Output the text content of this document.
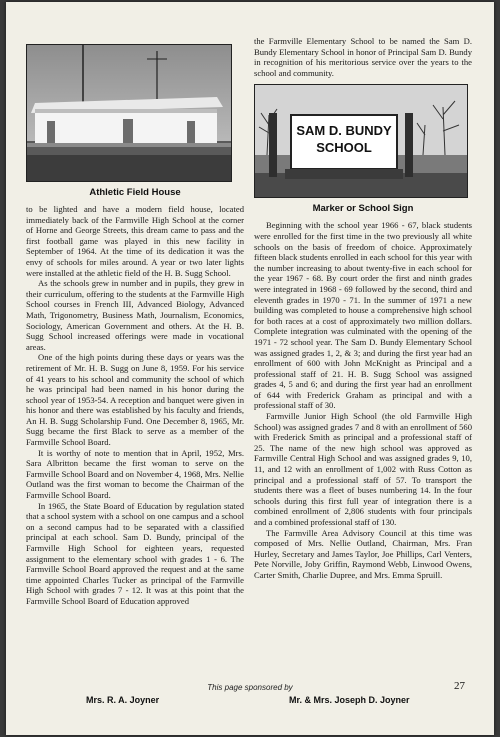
Athletic Field House

to be lighted and have a modern field house, located immediately back of the Farmville High School at the corner of Horne and George Streets, this dream came to pass and the first football game was played in this new facility in September of 1964. At the time of its dedication it was the envy of schools for miles around. A year or two later lights were installed at the athletic field of the H. B. Sugg School.

As the schools grew in number and in pupils, they grew in their curriculum, offering to the students at the Farmville High School courses in French III, Advanced Biology, Advanced Math, Trigonometry, Business Math, Journalism, Economics, Sociology, American Government and others. At the H. B. Sugg School increased offerings were made in vocational areas.

One of the high points during these days or years was the retirement of Mr. H. B. Sugg on June 8, 1959. For his service of 41 years to his school and community the school of which he was principal had been named in his honor during the school year of 1953-54. A reception and banquet were given in his honor and there was established by his faculty and friends, An H. B. Sugg Scholarship Fund. One December 8, 1965, Mr. Sugg became the first Black to serve as a member of the Farmville School Board.

It is worthy of note to mention that in April, 1952, Mrs. Sara Albritton became the first woman to serve on the Farmville School Board and on November 4, 1968, Mrs. Nellie Outland was the first woman to become the Chairman of the Farmville School Board.

In 1965, the State Board of Education by regulation stated that a school system with a school on one campus and a school on a second campus had to be separated with a classified principal at each school. Sam D. Bundy, principal of the Farmville High School for eighteen years, requested assignment to the elementary school with grades 1 - 6. The Farmville School Board approved the request and at the same time appointed Charles Tucker as principal of the Farmville High School with grades 7 - 12. It was at this point that the Farmville School Board of Education approved

the Farmville Elementary School to be named the Sam D. Bundy Elementary School in honor of Principal Sam D. Bundy in recognition of his meritorious service over the years to the school and community.

SAM D. BUNDY
SCHOOL
Marker or School Sign

Beginning with the school year 1966 - 67, black students were enrolled for the first time in the two previously all white schools on the basis of freedom of choice. Approximately fifteen black students enrolled in each school for this year with the number increasing to about twenty-five in each school for the year 1967 - 68. By court order the first and ninth grades were integrated in 1968 - 69 followed by the second, third and eleventh grades in 1970 - 71. In the summer of 1971 a new building was completed to house a comprehensive high school for both races at a cost of approximately two million dollars. Complete integration was culminated with the opening of the 1971 - 72 school year. The Sam D. Bundy Elementary School was assigned grades 1, 2, & 3; and during the first year had an enrollment of 600 with John McKnight as Principal and a professional staff of 21. H. B. Sugg School was assigned grades 4, 5 and 6; and during the first year had an enrollment of 644 with Frederick Graham as principal and with a professional staff of 30.

Farmville Junior High School (the old Farmville High School) was assigned grades 7 and 8 with an enrollment of 560 with Frederick Smith as principal and a professional staff of 25. The name of the new high school was approved as Farmville Central High School and was assigned grades 9, 10, 11, and 12 with an enrollment of 1,002 with Russ Cotton as principal and a professional staff of 57. To transport the students there was a fleet of buses numbering 14. In the four schools during this first full year of integration there is a combined enrollment of 2,806 students with four principals and a combined professional staff of 130.

The Farmville Area Advisory Council at this time was composed of Mrs. Nellie Outland, Chairman, Mrs. Fran Hurley, Secretary and James Taylor, Joe Phillips, Carl Venters, Pete Norville, Joby Griffin, Raymond Webb, Linwood Owens, Carter Smith, Charlie Dupree, and Mrs. Emma Spruill.

This page sponsored by	27
Mrs. R. A. Joyner	Mr. & Mrs. Joseph D. Joyner
